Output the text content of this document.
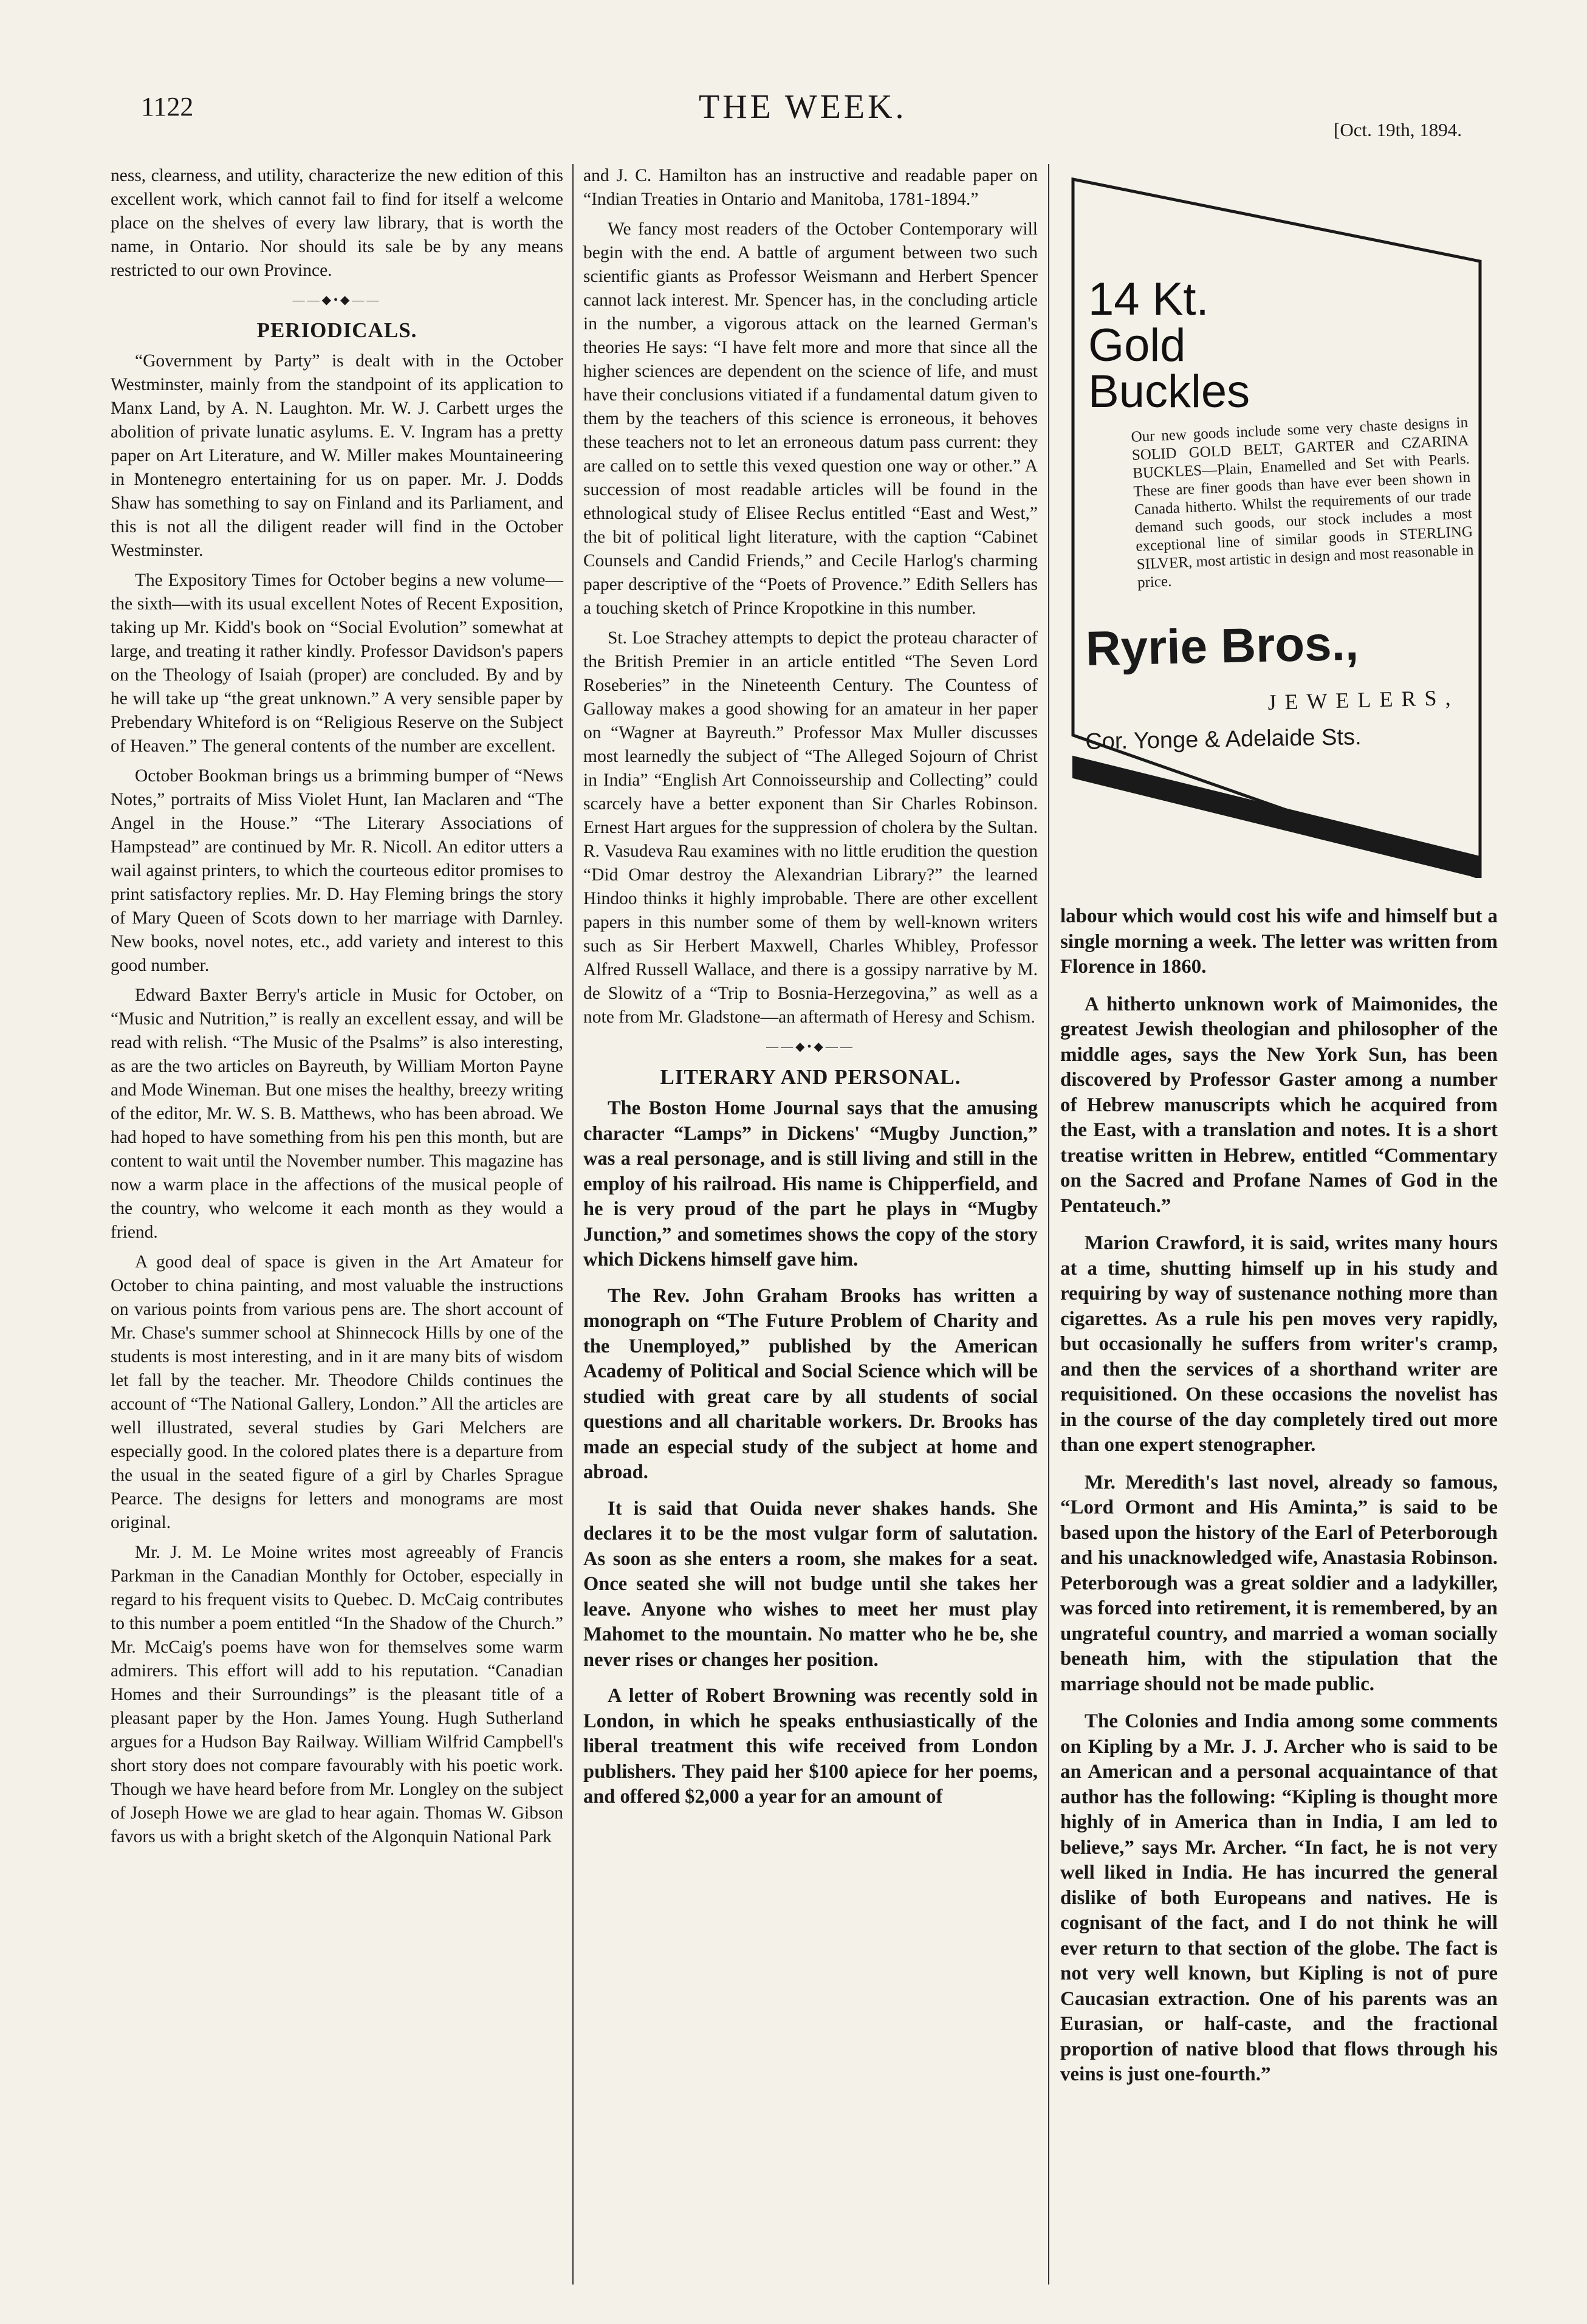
1122	THE WEEK.
[Oct. 19th, 1894.

ness, clearness, and utility, characterize the new edition of this excellent work, which cannot fail to find for itself a welcome place on the shelves of every law library, that is worth the name, in Ontario. Nor should its sale be by any means restricted to our own Province.

——◆•◆——
PERIODICALS.

“Government by Party” is dealt with in the October Westminster, mainly from the standpoint of its application to Manx Land, by A. N. Laughton. Mr. W. J. Carbett urges the abolition of private lunatic asylums. E. V. Ingram has a pretty paper on Art Literature, and W. Miller makes Mountaineering in Montenegro entertaining for us on paper. Mr. J. Dodds Shaw has something to say on Finland and its Parliament, and this is not all the diligent reader will find in the October Westminster.

The Expository Times for October begins a new volume—the sixth—with its usual excellent Notes of Recent Exposition, taking up Mr. Kidd's book on “Social Evolution” somewhat at large, and treating it rather kindly. Professor Davidson's papers on the Theology of Isaiah (proper) are concluded. By and by he will take up “the great unknown.” A very sensible paper by Prebendary Whiteford is on “Religious Reserve on the Subject of Heaven.” The general contents of the number are excellent.

October Bookman brings us a brimming bumper of “News Notes,” portraits of Miss Violet Hunt, Ian Maclaren and “The Angel in the House.” “The Literary Associations of Hampstead” are continued by Mr. R. Nicoll. An editor utters a wail against printers, to which the courteous editor promises to print satisfactory replies. Mr. D. Hay Fleming brings the story of Mary Queen of Scots down to her marriage with Darnley. New books, novel notes, etc., add variety and interest to this good number.

Edward Baxter Berry's article in Music for October, on “Music and Nutrition,” is really an excellent essay, and will be read with relish. “The Music of the Psalms” is also interesting, as are the two articles on Bayreuth, by William Morton Payne and Mode Wineman. But one mises the healthy, breezy writing of the editor, Mr. W. S. B. Matthews, who has been abroad. We had hoped to have something from his pen this month, but are content to wait until the November number. This magazine has now a warm place in the affections of the musical people of the country, who welcome it each month as they would a friend.

A good deal of space is given in the Art Amateur for October to china painting, and most valuable the instructions on various points from various pens are. The short account of Mr. Chase's summer school at Shinnecock Hills by one of the students is most interesting, and in it are many bits of wisdom let fall by the teacher. Mr. Theodore Childs continues the account of “The National Gallery, London.” All the articles are well illustrated, several studies by Gari Melchers are especially good. In the colored plates there is a departure from the usual in the seated figure of a girl by Charles Sprague Pearce. The designs for letters and monograms are most original.

Mr. J. M. Le Moine writes most agreeably of Francis Parkman in the Canadian Monthly for October, especially in regard to his frequent visits to Quebec. D. McCaig contributes to this number a poem entitled “In the Shadow of the Church.” Mr. McCaig's poems have won for themselves some warm admirers. This effort will add to his reputation. “Canadian Homes and their Surroundings” is the pleasant title of a pleasant paper by the Hon. James Young. Hugh Sutherland argues for a Hudson Bay Railway. William Wilfrid Campbell's short story does not compare favourably with his poetic work. Though we have heard before from Mr. Longley on the subject of Joseph Howe we are glad to hear again. Thomas W. Gibson favors us with a bright sketch of the Algonquin National Park

and J. C. Hamilton has an instructive and readable paper on “Indian Treaties in Ontario and Manitoba, 1781-1894.”

We fancy most readers of the October Contemporary will begin with the end. A battle of argument between two such scientific giants as Professor Weismann and Herbert Spencer cannot lack interest. Mr. Spencer has, in the concluding article in the number, a vigorous attack on the learned German's theories He says: “I have felt more and more that since all the higher sciences are dependent on the science of life, and must have their conclusions vitiated if a fundamental datum given to them by the teachers of this science is erroneous, it behoves these teachers not to let an erroneous datum pass current: they are called on to settle this vexed question one way or other.” A succession of most readable articles will be found in the ethnological study of Elisee Reclus entitled “East and West,” the bit of political light literature, with the caption “Cabinet Counsels and Candid Friends,” and Cecile Harlog's charming paper descriptive of the “Poets of Provence.” Edith Sellers has a touching sketch of Prince Kropotkine in this number.

St. Loe Strachey attempts to depict the proteau character of the British Premier in an article entitled “The Seven Lord Roseberies” in the Nineteenth Century. The Countess of Galloway makes a good showing for an amateur in her paper on “Wagner at Bayreuth.” Professor Max Muller discusses most learnedly the subject of “The Alleged Sojourn of Christ in India” “English Art Connoisseurship and Collecting” could scarcely have a better exponent than Sir Charles Robinson. Ernest Hart argues for the suppression of cholera by the Sultan. R. Vasudeva Rau examines with no little erudition the question “Did Omar destroy the Alexandrian Library?” the learned Hindoo thinks it highly improbable. There are other excellent papers in this number some of them by well-known writers such as Sir Herbert Maxwell, Charles Whibley, Professor Alfred Russell Wallace, and there is a gossipy narrative by M. de Slowitz of a “Trip to Bosnia-Herzegovina,” as well as a note from Mr. Gladstone—an aftermath of Heresy and Schism.

——◆•◆——
LITERARY AND PERSONAL.

The Boston Home Journal says that the amusing character “Lamps” in Dickens' “Mugby Junction,” was a real personage, and is still living and still in the employ of his railroad. His name is Chipperfield, and he is very proud of the part he plays in “Mugby Junction,” and sometimes shows the copy of the story which Dickens himself gave him.

The Rev. John Graham Brooks has written a monograph on “The Future Problem of Charity and the Unemployed,” published by the American Academy of Political and Social Science which will be studied with great care by all students of social questions and all charitable workers. Dr. Brooks has made an especial study of the subject at home and abroad.

It is said that Ouida never shakes hands. She declares it to be the most vulgar form of salutation. As soon as she enters a room, she makes for a seat. Once seated she will not budge until she takes her leave. Anyone who wishes to meet her must play Mahomet to the mountain. No matter who he be, she never rises or changes her position.

A letter of Robert Browning was recently sold in London, in which he speaks enthusiastically of the liberal treatment this wife received from London publishers. They paid her $100 apiece for her poems, and offered $2,000 a year for an amount of

14 Kt.
Gold
Buckles
Our new goods include some very chaste designs in SOLID GOLD BELT, GARTER and CZARINA BUCKLES—Plain, Enamelled and Set with Pearls. These are finer goods than have ever been shown in Canada hitherto. Whilst the requirements of our trade demand such goods, our stock includes a most exceptional line of similar goods in STERLING SILVER, most artistic in design and most reasonable in price.
Ryrie Bros.,
JEWELERS,
Cor. Yonge & Adelaide Sts.

labour which would cost his wife and himself but a single morning a week. The letter was written from Florence in 1860.

A hitherto unknown work of Maimonides, the greatest Jewish theologian and philosopher of the middle ages, says the New York Sun, has been discovered by Professor Gaster among a number of Hebrew manuscripts which he acquired from the East, with a translation and notes. It is a short treatise written in Hebrew, entitled “Commentary on the Sacred and Profane Names of God in the Pentateuch.”

Marion Crawford, it is said, writes many hours at a time, shutting himself up in his study and requiring by way of sustenance nothing more than cigarettes. As a rule his pen moves very rapidly, but occasionally he suffers from writer's cramp, and then the services of a shorthand writer are requisitioned. On these occasions the novelist has in the course of the day completely tired out more than one expert stenographer.

Mr. Meredith's last novel, already so famous, “Lord Ormont and His Aminta,” is said to be based upon the history of the Earl of Peterborough and his unacknowledged wife, Anastasia Robinson. Peterborough was a great soldier and a ladykiller, was forced into retirement, it is remembered, by an ungrateful country, and married a woman socially beneath him, with the stipulation that the marriage should not be made public.

The Colonies and India among some comments on Kipling by a Mr. J. J. Archer who is said to be an American and a personal acquaintance of that author has the following: “Kipling is thought more highly of in America than in India, I am led to believe,” says Mr. Archer. “In fact, he is not very well liked in India. He has incurred the general dislike of both Europeans and natives. He is cognisant of the fact, and I do not think he will ever return to that section of the globe. The fact is not very well known, but Kipling is not of pure Caucasian extraction. One of his parents was an Eurasian, or half-caste, and the fractional proportion of native blood that flows through his veins is just one-fourth.”
